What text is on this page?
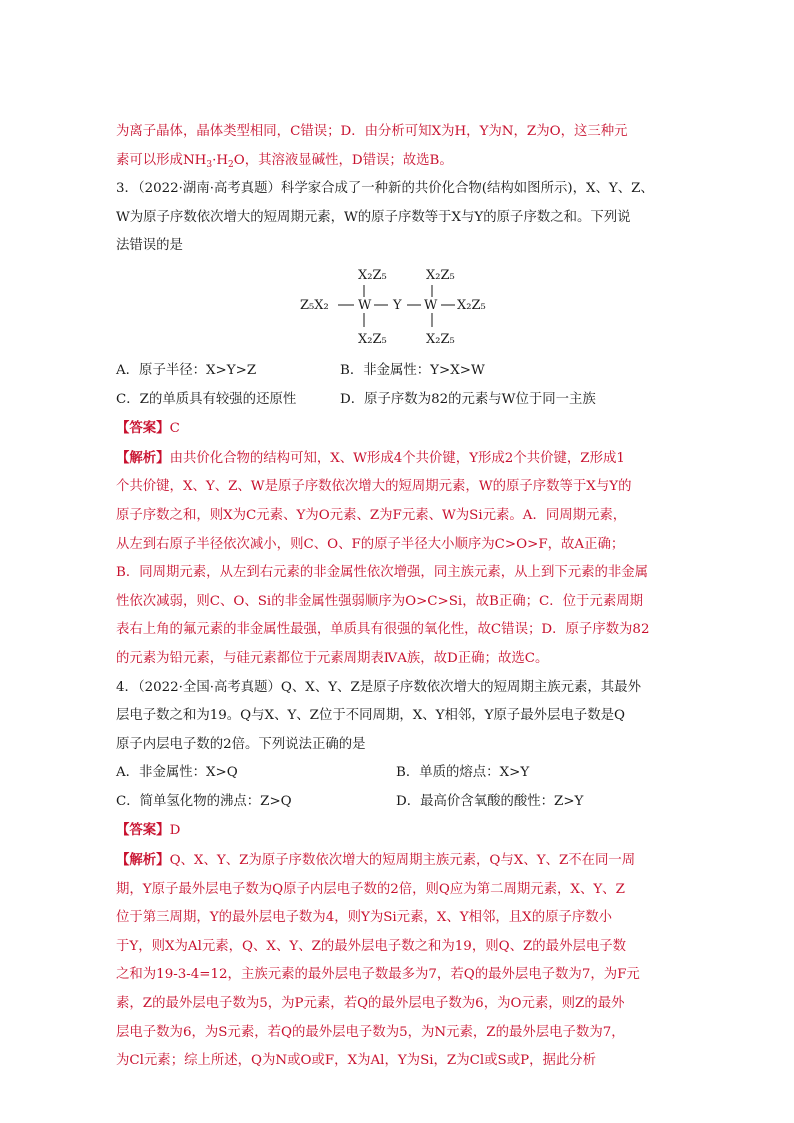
为离子晶体，晶体类型相同，C错误；D．由分析可知X为H，Y为N，Z为O，这三种元
素可以形成$NH_3\cdot H_2O$，其溶液显碱性，D错误；故选B。
3．（2022·湖南·高考真题）科学家合成了一种新的共价化合物(结构如图所示)，X、Y、Z、
W为原子序数依次增大的短周期元素，W的原子序数等于X与Y的原子序数之和。下列说
法错误的是
X₂Z₅	X₂Z₅
Z₅X₂ W Y W X₂Z₅
X₂Z₅	X₂Z₅
A．原子半径：X>Y>Z	B．非金属性：Y>X>W
C．Z的单质具有较强的还原性	D．原子序数为82的元素与W位于同一主族
【答案】C
【解析】由共价化合物的结构可知，X、W形成4个共价键，Y形成2个共价键，Z形成1
个共价键，X、Y、Z、W是原子序数依次增大的短周期元素，W的原子序数等于X与Y的
原子序数之和，则X为C元素、Y为O元素、Z为F元素、W为Si元素。A．同周期元素，
从左到右原子半径依次减小，则C、O、F的原子半径大小顺序为C>O>F，故A正确；
B．同周期元素，从左到右元素的非金属性依次增强，同主族元素，从上到下元素的非金属
性依次减弱，则C、O、Si的非金属性强弱顺序为O>C>Si，故B正确；C．位于元素周期
表右上角的氟元素的非金属性最强，单质具有很强的氧化性，故C错误；D．原子序数为82
的元素为铅元素，与硅元素都位于元素周期表ⅣA族，故D正确；故选C。
4．（2022·全国·高考真题）Q、X、Y、Z是原子序数依次增大的短周期主族元素，其最外
层电子数之和为19。Q与X、Y、Z位于不同周期，X、Y相邻，Y原子最外层电子数是Q
原子内层电子数的2倍。下列说法正确的是
A．非金属性：X>Q	B．单质的熔点：X>Y
C．简单氢化物的沸点：Z>Q	D．最高价含氧酸的酸性：Z>Y
【答案】D
【解析】Q、X、Y、Z为原子序数依次增大的短周期主族元素，Q与X、Y、Z不在同一周
期，Y原子最外层电子数为Q原子内层电子数的2倍，则Q应为第二周期元素，X、Y、Z
位于第三周期，Y的最外层电子数为4，则Y为Si元素，X、Y相邻，且X的原子序数小
于Y，则X为Al元素，Q、X、Y、Z的最外层电子数之和为19，则Q、Z的最外层电子数
之和为19-3-4=12，主族元素的最外层电子数最多为7，若Q的最外层电子数为7，为F元
素，Z的最外层电子数为5，为P元素，若Q的最外层电子数为6，为O元素，则Z的最外
层电子数为6，为S元素，若Q的最外层电子数为5，为N元素，Z的最外层电子数为7，
为Cl元素；综上所述，Q为N或O或F，X为Al，Y为Si，Z为Cl或S或P，据此分析
